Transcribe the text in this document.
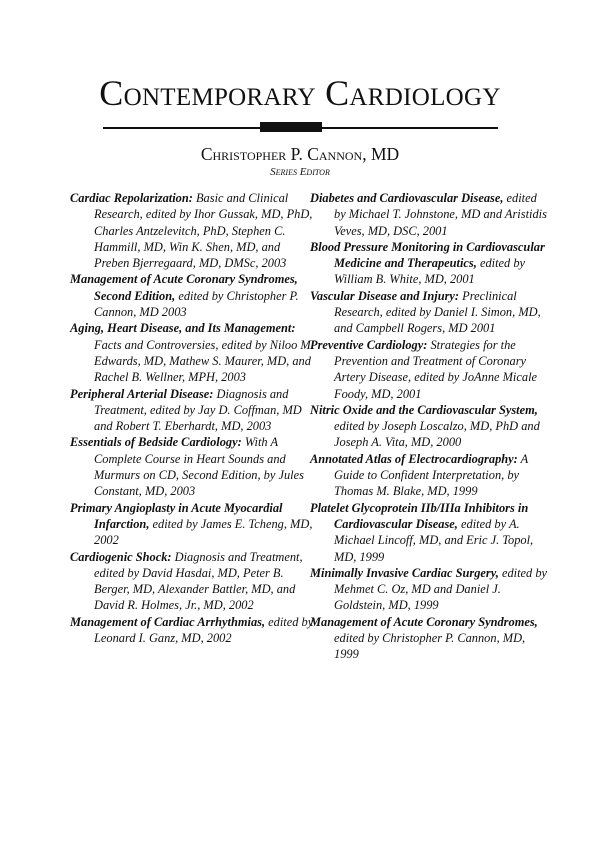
Contemporary Cardiology
Christopher P. Cannon, MD
Series Editor

Cardiac Repolarization: Basic and Clinical Research, edited by Ihor Gussak, MD, PhD, Charles Antzelevitch, PhD, Stephen C. Hammill, MD, Win K. Shen, MD, and Preben Bjerregaard, MD, DMSc, 2003

Management of Acute Coronary Syndromes, Second Edition, edited by Christopher P. Cannon, MD 2003

Aging, Heart Disease, and Its Management: Facts and Controversies, edited by Niloo M. Edwards, MD, Mathew S. Maurer, MD, and Rachel B. Wellner, MPH, 2003

Peripheral Arterial Disease: Diagnosis and Treatment, edited by Jay D. Coffman, MD and Robert T. Eberhardt, MD, 2003

Essentials of Bedside Cardiology: With A Complete Course in Heart Sounds and Murmurs on CD, Second Edition, by Jules Constant, MD, 2003

Primary Angioplasty in Acute Myocardial Infarction, edited by James E. Tcheng, MD, 2002

Cardiogenic Shock: Diagnosis and Treatment, edited by David Hasdai, MD, Peter B. Berger, MD, Alexander Battler, MD, and David R. Holmes, Jr., MD, 2002

Management of Cardiac Arrhythmias, edited by Leonard I. Ganz, MD, 2002

Diabetes and Cardiovascular Disease, edited by Michael T. Johnstone, MD and Aristidis Veves, MD, DSC, 2001

Blood Pressure Monitoring in Cardiovascular Medicine and Therapeutics, edited by William B. White, MD, 2001

Vascular Disease and Injury: Preclinical Research, edited by Daniel I. Simon, MD, and Campbell Rogers, MD 2001

Preventive Cardiology: Strategies for the Prevention and Treatment of Coronary Artery Disease, edited by JoAnne Micale Foody, MD, 2001

Nitric Oxide and the Cardiovascular System, edited by Joseph Loscalzo, MD, PhD and Joseph A. Vita, MD, 2000

Annotated Atlas of Electrocardiography: A Guide to Confident Interpretation, by Thomas M. Blake, MD, 1999

Platelet Glycoprotein IIb/IIIa Inhibitors in Cardiovascular Disease, edited by A. Michael Lincoff, MD, and Eric J. Topol, MD, 1999

Minimally Invasive Cardiac Surgery, edited by Mehmet C. Oz, MD and Daniel J. Goldstein, MD, 1999

Management of Acute Coronary Syndromes, edited by Christopher P. Cannon, MD, 1999
